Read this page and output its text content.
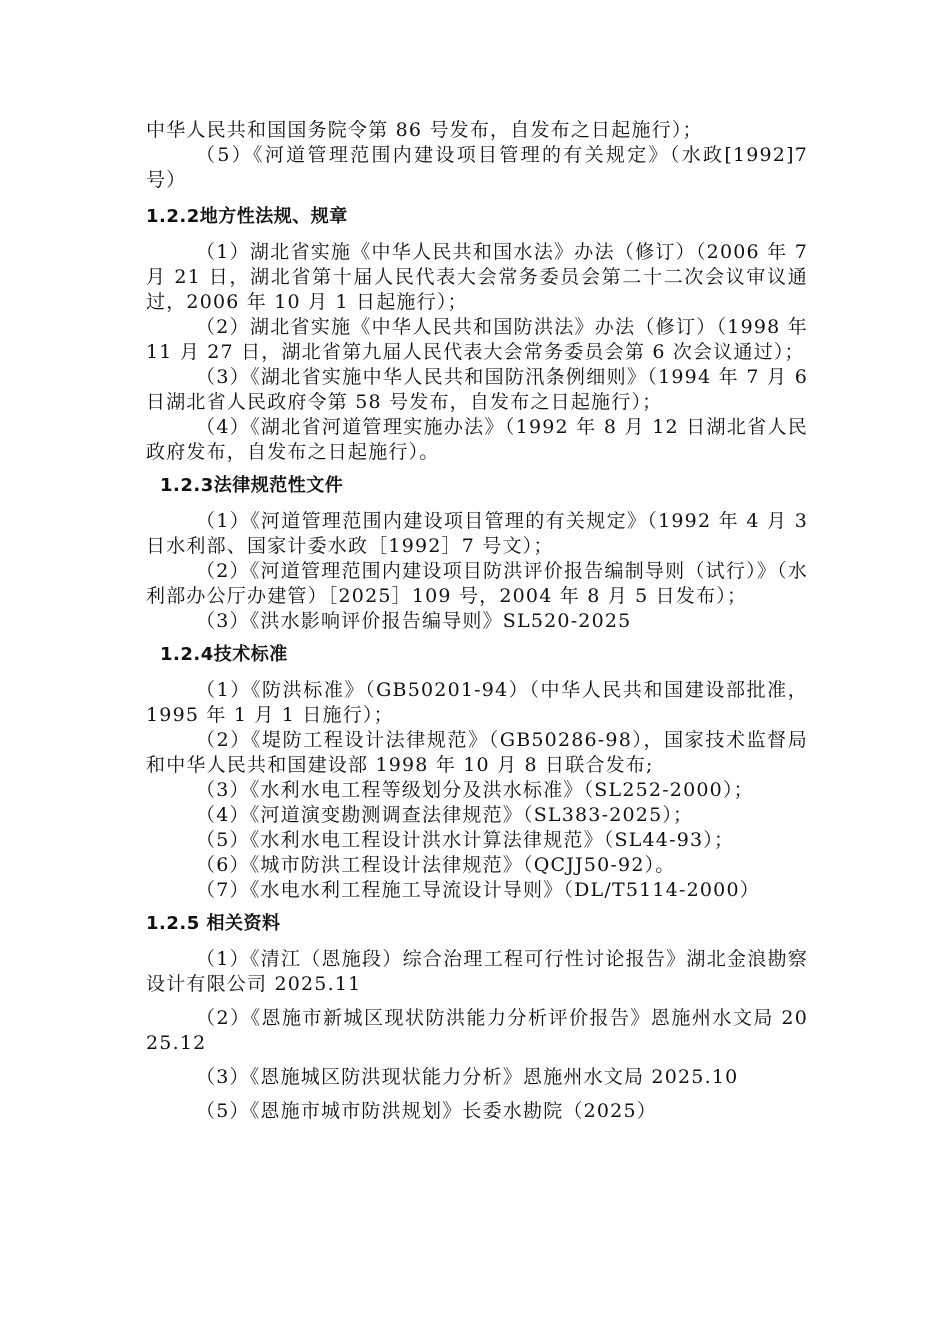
中华人民共和国国务院令第 86 号发布，自发布之日起施行）；

（5）《河道管理范围内建设项目管理的有关规定》（水政[1992]7 号）

1.2.2地方性法规、规章

（1）湖北省实施《中华人民共和国水法》办法（修订）（2006 年 7 月 21 日，湖北省第十届人民代表大会常务委员会第二十二次会议审议通过，2006 年 10 月 1 日起施行）；

（2）湖北省实施《中华人民共和国防洪法》办法（修订）（1998 年 11 月 27 日，湖北省第九届人民代表大会常务委员会第 6 次会议通过）；

（3）《湖北省实施中华人民共和国防汛条例细则》（1994 年 7 月 6 日湖北省人民政府令第 58 号发布，自发布之日起施行）；

（4）《湖北省河道管理实施办法》（1992 年 8 月 12 日湖北省人民政府发布，自发布之日起施行）。

1.2.3法律规范性文件

（1）《河道管理范围内建设项目管理的有关规定》（1992 年 4 月 3 日水利部、国家计委水政［1992］7 号文）；

（2）《河道管理范围内建设项目防洪评价报告编制导则（试行）》（水利部办公厅办建管）［2025］109 号，2004 年 8 月 5 日发布）；

（3）《洪水影响评价报告编导则》SL520-2025

1.2.4技术标准

（1）《防洪标准》（GB50201-94）（中华人民共和国建设部批准，1995 年 1 月 1 日施行）；

（2）《堤防工程设计法律规范》（GB50286-98），国家技术监督局和中华人民共和国建设部 1998 年 10 月 8 日联合发布;

（3）《水利水电工程等级划分及洪水标准》（SL252-2000）；

（4）《河道演变勘测调查法律规范》（SL383-2025）；

（5）《水利水电工程设计洪水计算法律规范》（SL44-93）；

（6）《城市防洪工程设计法律规范》（QCJJ50-92）。

（7）《水电水利工程施工导流设计导则》（DL/T5114-2000）

1.2.5 相关资料

（1）《清江（恩施段）综合治理工程可行性讨论报告》湖北金浪勘察设计有限公司 2025.11

（2）《恩施市新城区现状防洪能力分析评价报告》恩施州水文局 2025.12

（3）《恩施城区防洪现状能力分析》恩施州水文局 2025.10

（5）《恩施市城市防洪规划》长委水勘院（2025）
